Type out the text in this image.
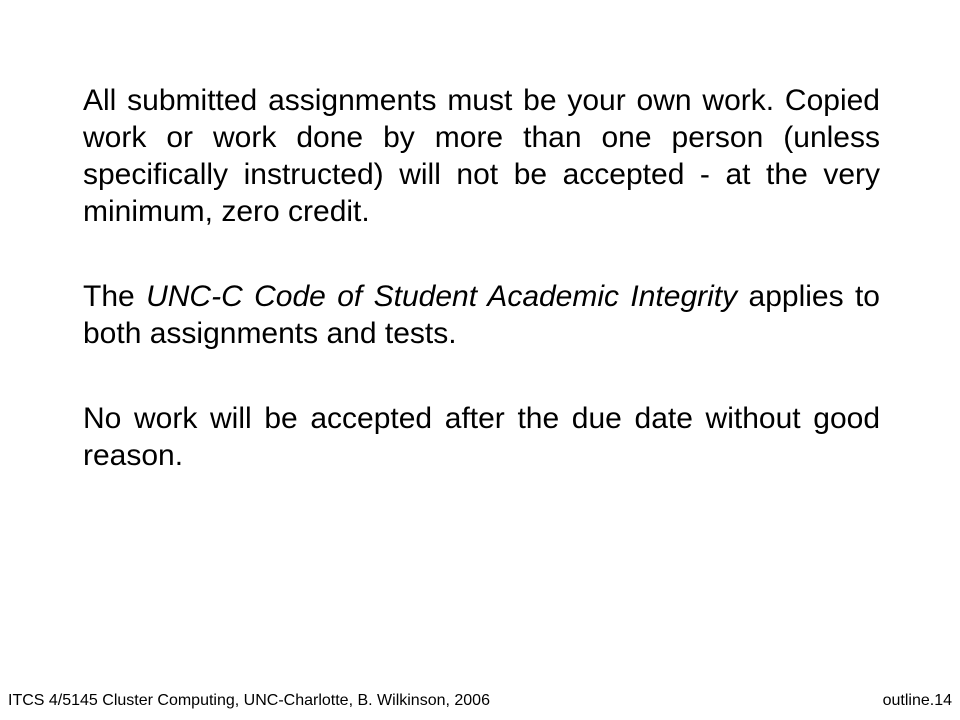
All submitted assignments must be your own work. Copied work or work done by more than one person (unless specifically instructed) will not be accepted - at the very minimum, zero credit.

The UNC-C Code of Student Academic Integrity applies to both assignments and tests.

No work will be accepted after the due date without good reason.

ITCS 4/5145 Cluster Computing, UNC-Charlotte, B. Wilkinson, 2006	outline.14
